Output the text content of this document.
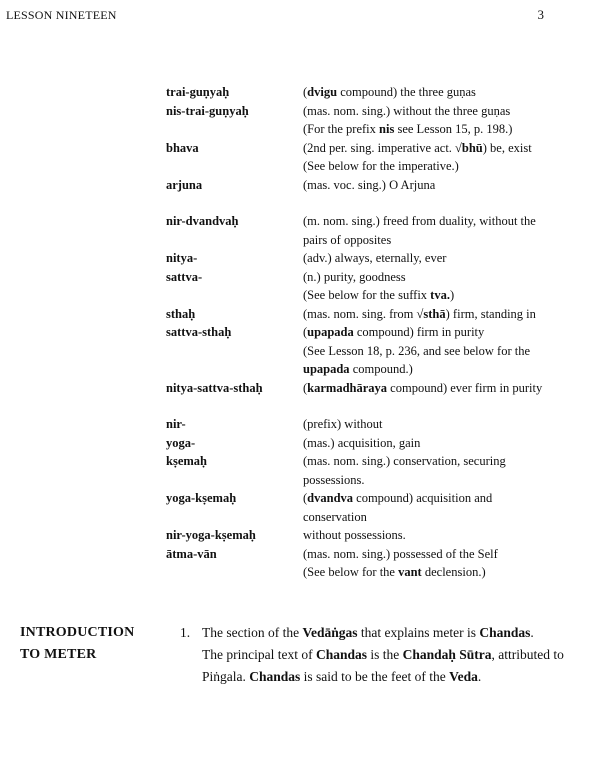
LESSON NINETEEN	3
trai-guṇyaḥ	(dvigu compound) the three guṇas
nis-trai-guṇyaḥ	(mas. nom. sing.) without the three guṇas
(For the prefix nis see Lesson 15, p. 198.)
bhava	(2nd per. sing. imperative act. √bhū) be, exist
(See below for the imperative.)
arjuna	(mas. voc. sing.) O Arjuna
nir-dvandvaḥ	(m. nom. sing.) freed from duality, without the
pairs of opposites
nitya-	(adv.) always, eternally, ever
sattva-	(n.) purity, goodness
(See below for the suffix tva.)
sthaḥ	(mas. nom. sing. from √sthā) firm, standing in
sattva-sthaḥ	(upapada compound) firm in purity
(See Lesson 18, p. 236, and see below for the
upapada compound.)
nitya-sattva-sthaḥ	(karmadhāraya compound) ever firm in purity
nir-	(prefix) without
yoga-	(mas.) acquisition, gain
kṣemaḥ	(mas. nom. sing.) conservation, securing
possessions.
yoga-kṣemaḥ	(dvandva compound) acquisition and
conservation
nir-yoga-kṣemaḥ	without possessions.
ātma-vān	(mas. nom. sing.) possessed of the Self
(See below for the vant declension.)
INTRODUCTION
TO METER
1. The section of the Vedāṅgas that explains meter is Chandas.
The principal text of Chandas is the Chandaḥ Sūtra, attributed to
Piṅgala. Chandas is said to be the feet of the Veda.
